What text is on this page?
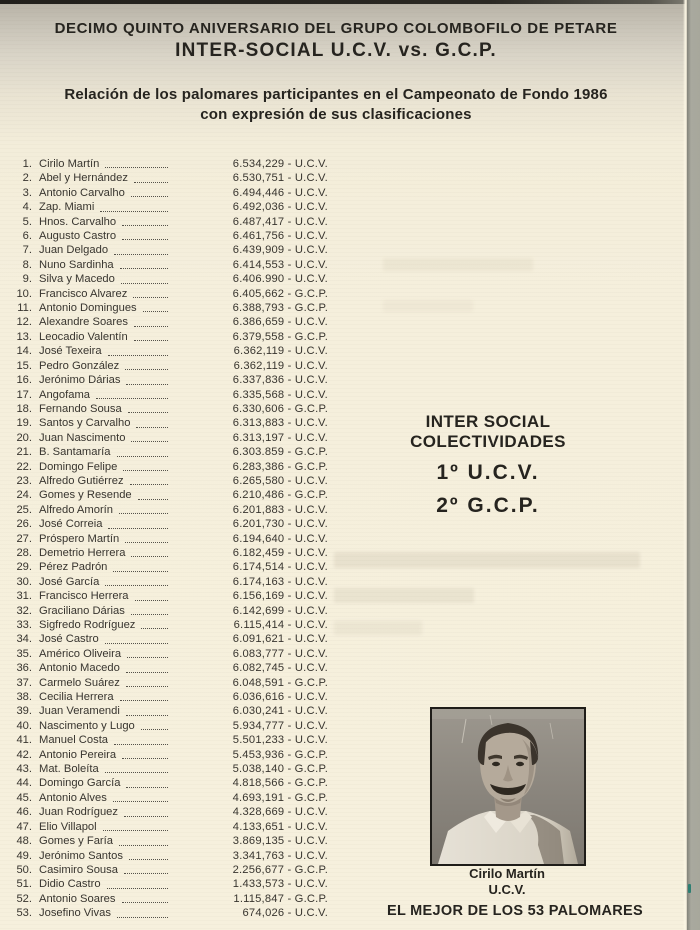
DECIMO QUINTO ANIVERSARIO DEL GRUPO COLOMBOFILO DE PETARE
INTER-SOCIAL U.C.V. vs. G.C.P.
Relación de los palomares participantes en el Campeonato de Fondo 1986
con expresión de sus clasificaciones
1. Cirilo Martín	6.534,229 - U.C.V.
2. Abel y Hernández	6.530,751 - U.C.V.
3. Antonio Carvalho	6.494,446 - U.C.V.
4. Zap. Miami	6.492,036 - U.C.V.
5. Hnos. Carvalho	6.487,417 - U.C.V.
6. Augusto Castro	6.461,756 - U.C.V.
7. Juan Delgado	6.439,909 - U.C.V.
8. Nuno Sardinha	6.414,553 - U.C.V.
9. Silva y Macedo	6.406.990 - U.C.V.
10. Francisco Alvarez	6.405,662 - G.C.P.
11. Antonio Domingues	6.388,793 - G.C.P.
12. Alexandre Soares	6.386,659 - U.C.V.
13. Leocadio Valentín	6.379,558 - G.C.P.
14. José Texeira	6.362,119 - U.C.V.
15. Pedro González	6.362,119 - U.C.V.
16. Jerónimo Dárias	6.337,836 - U.C.V.
17. Angofama	6.335,568 - U.C.V.
18. Fernando Sousa	6.330,606 - G.C.P.
19. Santos y Carvalho	6.313,883 - U.C.V.
20. Juan Nascimento	6.313,197 - U.C.V.
21. B. Santamaría	6.303.859 - G.C.P.
22. Domingo Felipe	6.283,386 - G.C.P.
23. Alfredo Gutiérrez	6.265,580 - U.C.V.
24. Gomes y Resende	6.210,486 - G.C.P.
25. Alfredo Amorín	6.201,883 - U.C.V.
26. José Correia	6.201,730 - U.C.V.
27. Próspero Martín	6.194,640 - U.C.V.
28. Demetrio Herrera	6.182,459 - U.C.V.
29. Pérez Padrón	6.174,514 - U.C.V.
30. José García	6.174,163 - U.C.V.
31. Francisco Herrera	6.156,169 - U.C.V.
32. Graciliano Dárias	6.142,699 - U.C.V.
33. Sigfredo Rodríguez	6.115,414 - U.C.V.
34. José Castro	6.091,621 - U.C.V.
35. Américo Oliveira	6.083,777 - U.C.V.
36. Antonio Macedo	6.082,745 - U.C.V.
37. Carmelo Suárez	6.048,591 - G.C.P.
38. Cecilia Herrera	6.036,616 - U.C.V.
39. Juan Veramendi	6.030,241 - U.C.V.
40. Nascimento y Lugo	5.934,777 - U.C.V.
41. Manuel Costa	5.501,233 - U.C.V.
42. Antonio Pereira	5.453,936 - G.C.P.
43. Mat. Boleíta	5.038,140 - G.C.P.
44. Domingo García	4.818,566 - G.C.P.
45. Antonio Alves	4.693,191 - G.C.P.
46. Juan Rodríguez	4.328,669 - U.C.V.
47. Elio Villapol	4.133,651 - U.C.V.
48. Gomes y Faría	3.869,135 - U.C.V.
49. Jerónimo Santos	3.341,763 - U.C.V.
50. Casimiro Sousa	2.256,677 - G.C.P.
51. Didio Castro	1.433,573 - U.C.V.
52. Antonio Soares	1.115,847 - G.C.P.
53. Josefino Vivas	674,026 - U.C.V.
INTER SOCIAL COLECTIVIDADES
1º U.C.V.
2º G.C.P.
Cirilo Martín
U.C.V.
EL MEJOR DE LOS 53 PALOMARES
